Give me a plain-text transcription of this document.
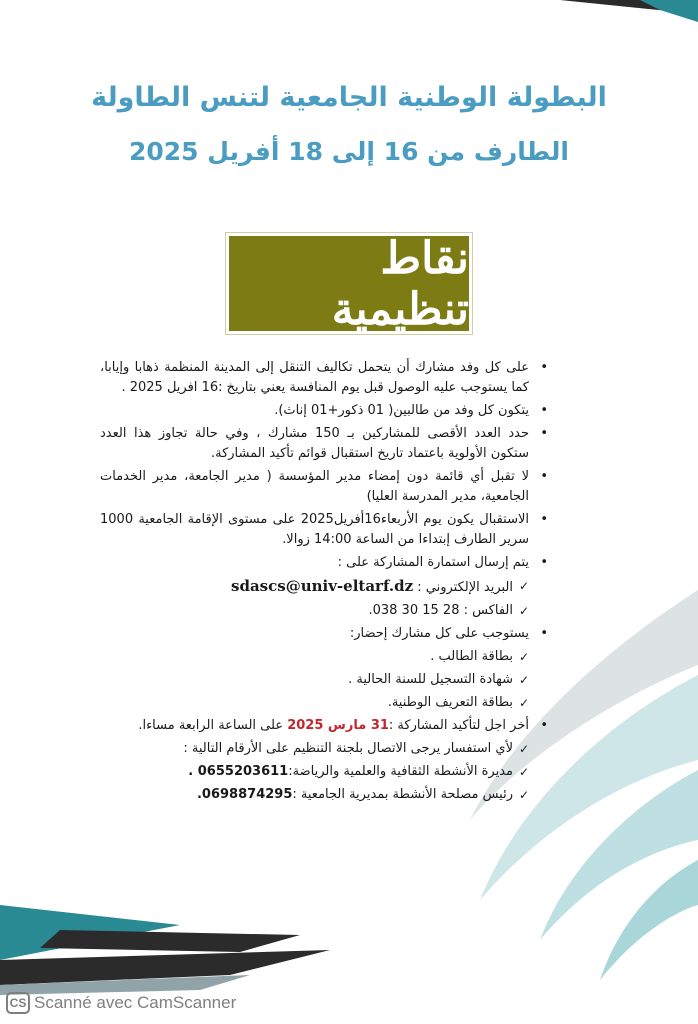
البطولة الوطنية الجامعية لتنس الطاولة
الطارف من 16 إلى 18 أفريل 2025
نقاط تنظيمية
• على كل وفد مشارك أن يتحمل تكاليف التنقل إلى المدينة المنظمة ذهابا وإيابا، كما يستوجب عليه الوصول قبل يوم المنافسة يعني بتاريخ :16 افريل 2025 .
• يتكون كل وفد من طالبين( 01 ذكور+01 إناث).
• حدد العدد الأقصى للمشاركين بـ 150 مشارك ، وفي حالة تجاوز هذا العدد ستكون الأولوية باعتماد تاريخ استقبال قوائم تأكيد المشاركة.
• لا تقبل أي قائمة دون إمضاء مدير المؤسسة ( مدير الجامعة، مدير الخدمات الجامعية، مدير المدرسة العليا)
• الاستقبال يكون يوم الأربعاء16أفريل2025 على مستوى الإقامة الجامعية 1000 سرير الطارف إبتداءا من الساعة 14:00 زوالا.
• يتم إرسال استمارة المشاركة على :
✓ البريد الإلكتروني : sdascs@univ-eltarf.dz
✓ الفاكس : 28 15 30 038.
• يستوجب على كل مشارك إحضار:
✓ بطاقة الطالب .
✓ شهادة التسجيل للسنة الحالية .
✓ بطاقة التعريف الوطنية.
• أخر اجل لتأكيد المشاركة :31 مارس 2025 على الساعة الرابعة مساءا.
✓ لأي استفسار يرجى الاتصال بلجنة التنظيم على الأرقام التالية :
✓ مديرة الأنشطة الثقافية والعلمية والرياضة:0655203611 .
✓ رئيس مصلحة الأنشطة بمديرية الجامعية :0698874295.
CS Scanné avec CamScanner
